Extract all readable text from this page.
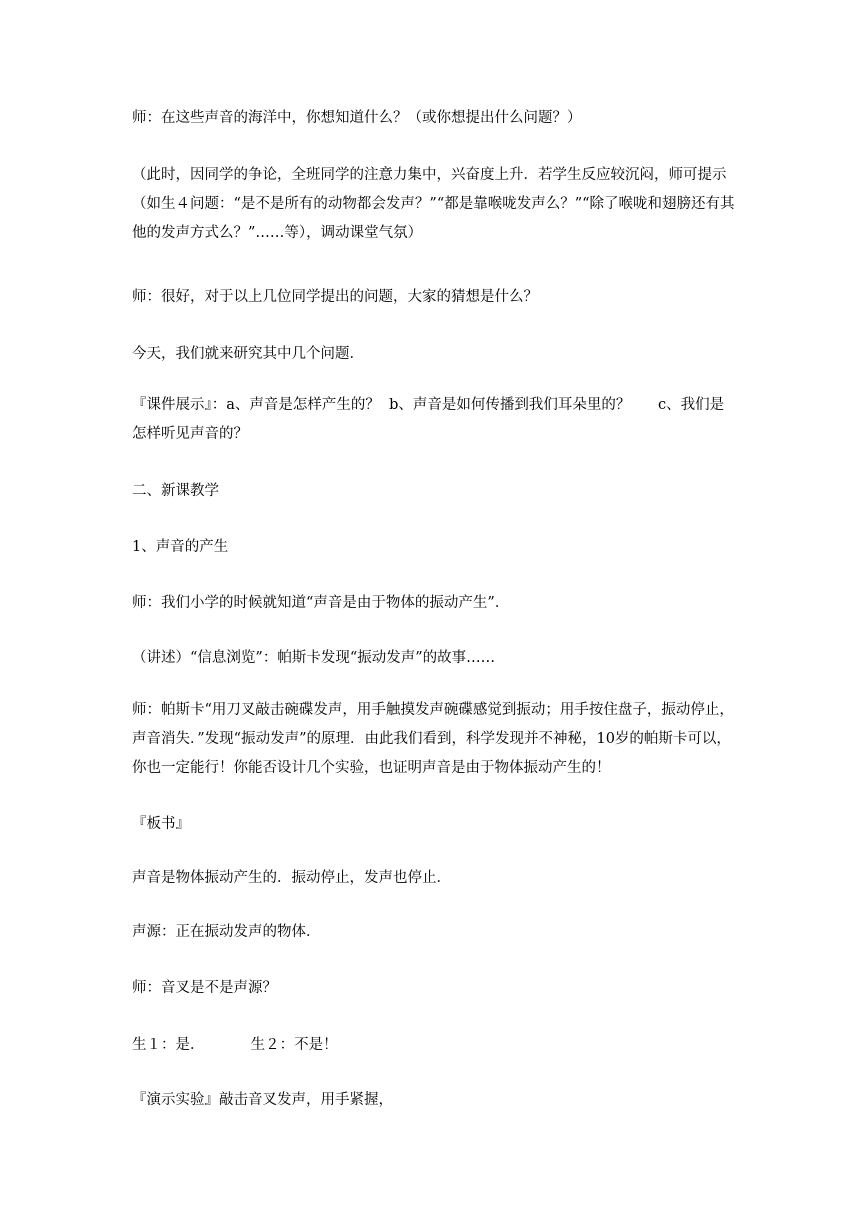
师：在这些声音的海洋中，你想知道什么？（或你想提出什么问题？）

（此时，因同学的争论，全班同学的注意力集中，兴奋度上升．若学生反应较沉闷，师可提示（如生４问题：“是不是所有的动物都会发声？”“都是靠喉咙发声么？”“除了喉咙和翅膀还有其他的发声方式么？”……等），调动课堂气氛）

师：很好，对于以上几位同学提出的问题，大家的猜想是什么？

今天，我们就来研究其中几个问题．

『课件展示』：a、声音是怎样产生的？  b、声音是如何传播到我们耳朵里的？      c、我们是怎样听见声音的？

二、新课教学

1、声音的产生

师：我们小学的时候就知道“声音是由于物体的振动产生”．

（讲述）“信息浏览”：帕斯卡发现“振动发声”的故事……

师：帕斯卡“用刀叉敲击碗碟发声，用手触摸发声碗碟感觉到振动；用手按住盘子，振动停止，声音消失．”发现“振动发声”的原理．由此我们看到，科学发现并不神秘，10岁的帕斯卡可以，你也一定能行！你能否设计几个实验，也证明声音是由于物体振动产生的！

『板书』

声音是物体振动产生的．振动停止，发声也停止．

声源：正在振动发声的物体．

师：音叉是不是声源？

生１：是．          生２：不是！

『演示实验』敲击音叉发声，用手紧握，
